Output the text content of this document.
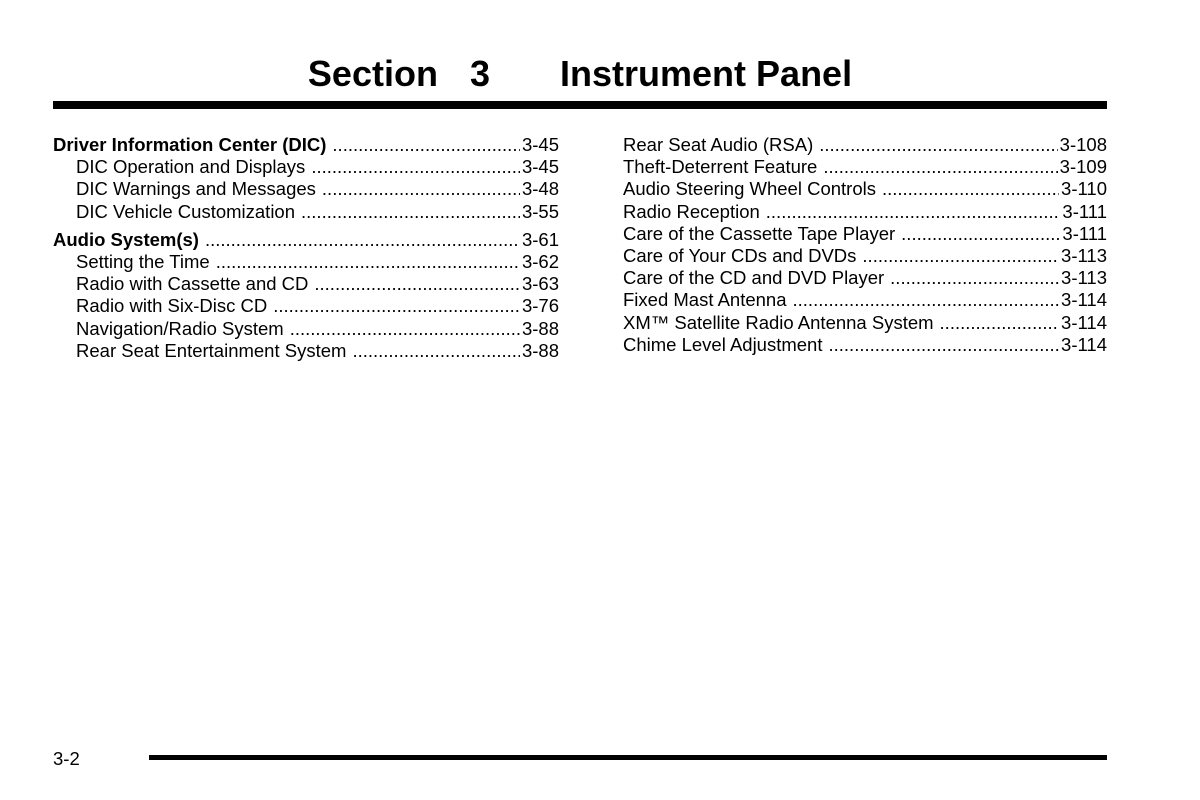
Section 3 Instrument Panel
Driver Information Center (DIC) .....	3-45
DIC Operation and Displays .....	3-45
DIC Warnings and Messages .....	3-48
DIC Vehicle Customization .....	3-55
Audio System(s) .....	3-61
Setting the Time .....	3-62
Radio with Cassette and CD .....	3-63
Radio with Six-Disc CD .....	3-76
Navigation/Radio System .....	3-88
Rear Seat Entertainment System .....	3-88
Rear Seat Audio (RSA) .....	3-108
Theft-Deterrent Feature .....	3-109
Audio Steering Wheel Controls .....	3-110
Radio Reception .....	3-111
Care of the Cassette Tape Player .....	3-111
Care of Your CDs and DVDs .....	3-113
Care of the CD and DVD Player .....	3-113
Fixed Mast Antenna .....	3-114
XM™ Satellite Radio Antenna System .....	3-114
Chime Level Adjustment .....	3-114
3-2
